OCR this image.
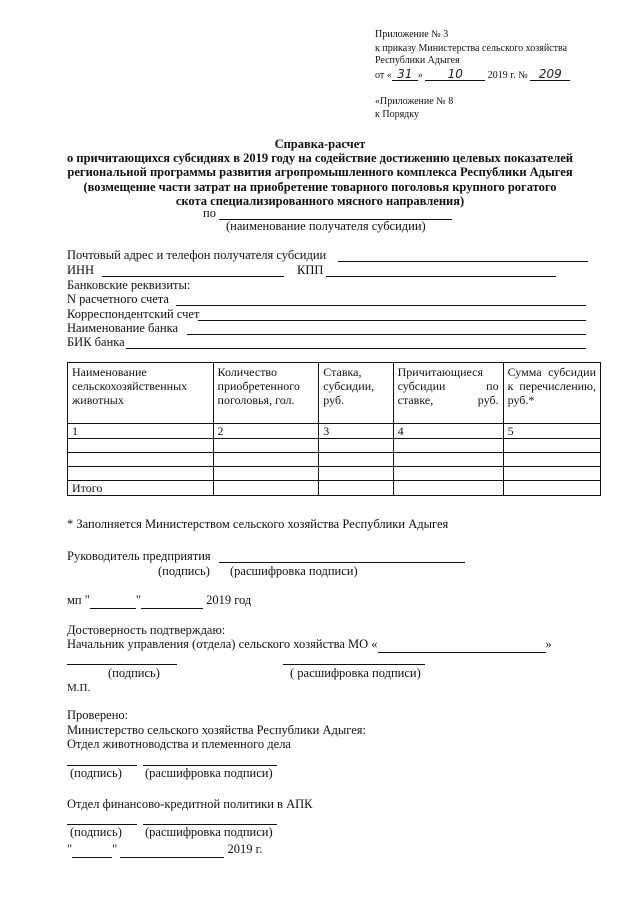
Приложение № 3
к приказу Министерства сельского хозяйства
Республики Адыгея
от « 31 » 10 2019 г. № 209
«Приложение № 8
к Порядку
Справка-расчет
о причитающихся субсидиях в 2019 году на содействие достижению целевых показателей
региональной программы развития агропромышленного комплекса Республики Адыгея
(возмещение части затрат на приобретение товарного поголовья крупного рогатого
скота специализированного мясного направления)
по
(наименование получателя субсидии)
Почтовый адрес и телефон получателя субсидии
ИНН	КПП
Банковские реквизиты:
N расчетного счета
Корреспондентский счет
Наименование банка
БИК банка
Наименование сельскохозяйственных животных	Количество приобретенного поголовья, гол.	Ставка, субсидии, руб.	Причитающиеся субсидии по ставке, руб.	Сумма субсидии к перечислению, руб.*

1	2	3	4	5

Итого				
* Заполняется Министерством сельского хозяйства Республики Адыгея
Руководитель предприятия
(подпись) (расшифровка подписи)
мп "	"	2019 год
Достоверность подтверждаю:
Начальник управления (отдела) сельского хозяйства МО «	»
(подпись)	( расшифровка подписи)
М.П.
Проверено:
Министерство сельского хозяйства Республики Адыгея:
Отдел животноводства и племенного дела
(подпись) (расшифровка подписи)
Отдел финансово-кредитной политики в АПК
(подпись) (расшифровка подписи)
"	"	2019 г.
